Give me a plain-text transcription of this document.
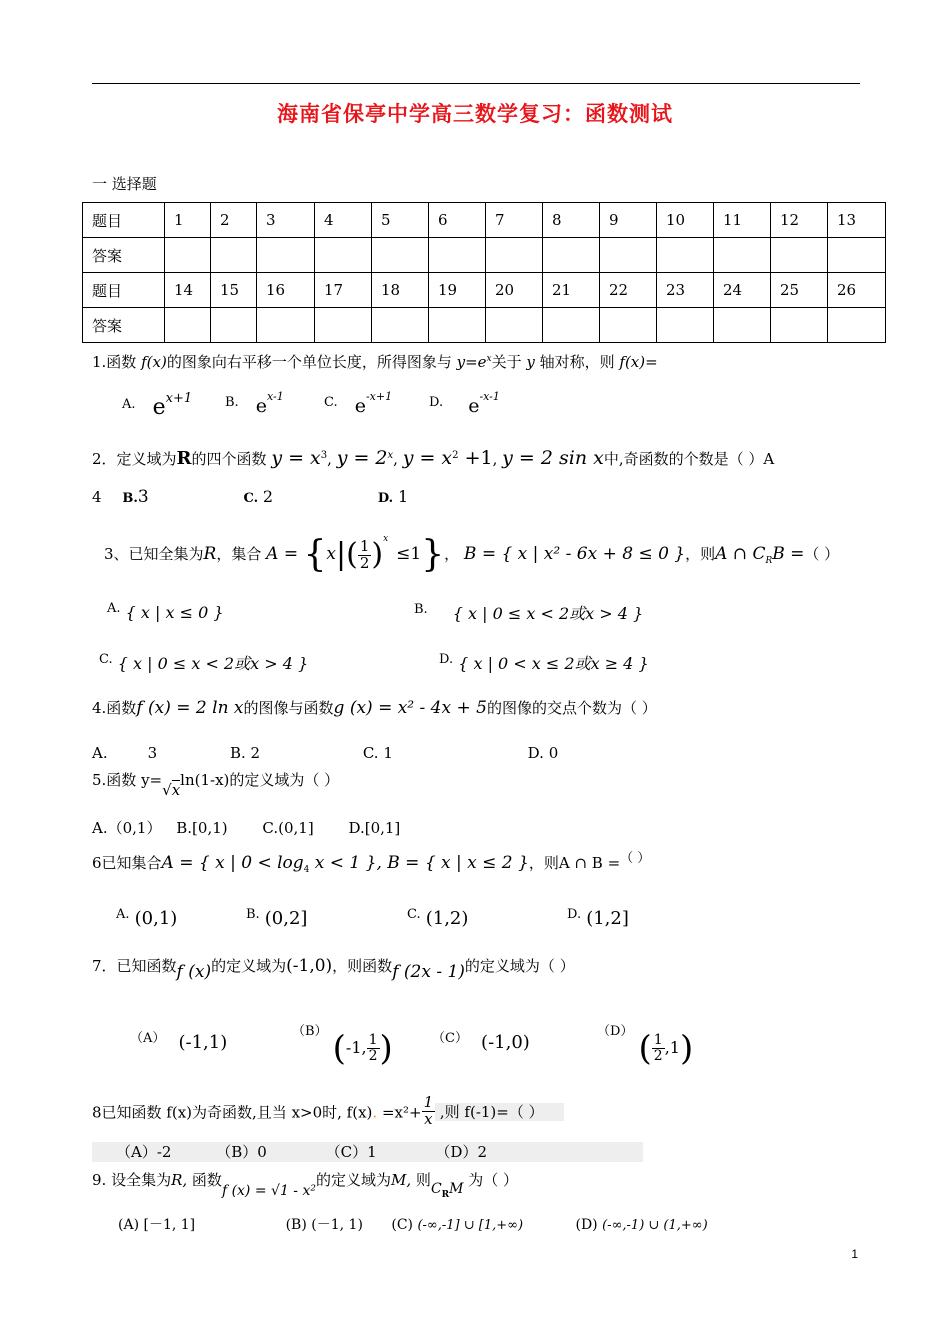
海南省保亭中学高三数学复习：函数测试
一 选择题
题目	1	2	3	4	5	6	7	8	9	10	11	12	13
答案													
题目	14	15	16	17	18	19	20	21	22	23	24	25	26
答案													
1.函数 f(x)的图象向右平移一个单位长度，所得图象与 $y=e^x$关于 y 轴对称，则 f(x)=
A. $e^{x+1}$	B. $e^{x-1}$	C. $e^{-x+1}$	D. $e^{-x-1}$
2．定义域为R的四个函数 $y = x^3$, $y = 2^x$, $y = x^2 +1$, y = 2 sin x中,奇函数的个数是（ ）A
4 B.3	C. 2	D. 1
3、已知全集为R，集合 $A = \{x|( \frac{1}{2} )^x\le 1\}$， B = { x | x² - 6x + 8 ≤ 0 }，则A ∩ $C_RB$ =（ ）
$^{A.}$ { x | x ≤ 0 }	$^{B.}$ { x | 0 ≤ x < 2或x > 4 }
$^{C.}$ { x | 0 ≤ x < 2或x > 4 }	$^{D.}$ { x | 0 < x ≤ 2或x ≥ 4 }
4.函数f (x) = 2 ln x的图像与函数g (x) = x² - 4x + 5的图像的交点个数为（ ）
A.	3	B. 2	C. 1	D. 0
5.函数 y=√xln(1-x)的定义域为（ ）
A.（0,1） B.[0,1) C.(0,1] D.[0,1]
6已知集合A = { x | $0 < \log_4 x < 1$ }, B = { x | x ≤ 2 }，则A ∩ B =（ ）
$^{A.}$ (0,1)	$^{B.}$ (0,2]	$^{C.}$ (1,2)	$^{D.}$ (1,2]
7．已知函数f (x)的定义域为(-1,0)，则函数f (2x - 1)的定义域为（ ）
$^{(A)}$ (-1,1)
$^{(B)}$ (-1, $\frac{1}{2}$ )	$^{(C)}$ (-1,0)
$^{(D)}$ ( $\frac{1}{2} ,1$)
8已知函数 f(x)为奇函数,且当 x>0时, f(x). $=x^2+ \frac{1}{x}$ ,则 f(-1)=（ ）
（A）-2	（B）0	（C）1	（D）2
9. 设全集为R, 函数f (x) = √1 - x²的定义域为M, 则$C_RM$ 为（ ）
(A) [－1, 1]	(B) (－1, 1) (C) (-∞,-1] ∪ [1,+∞)	(D) (-∞,-1) ∪ (1,+∞)
1
